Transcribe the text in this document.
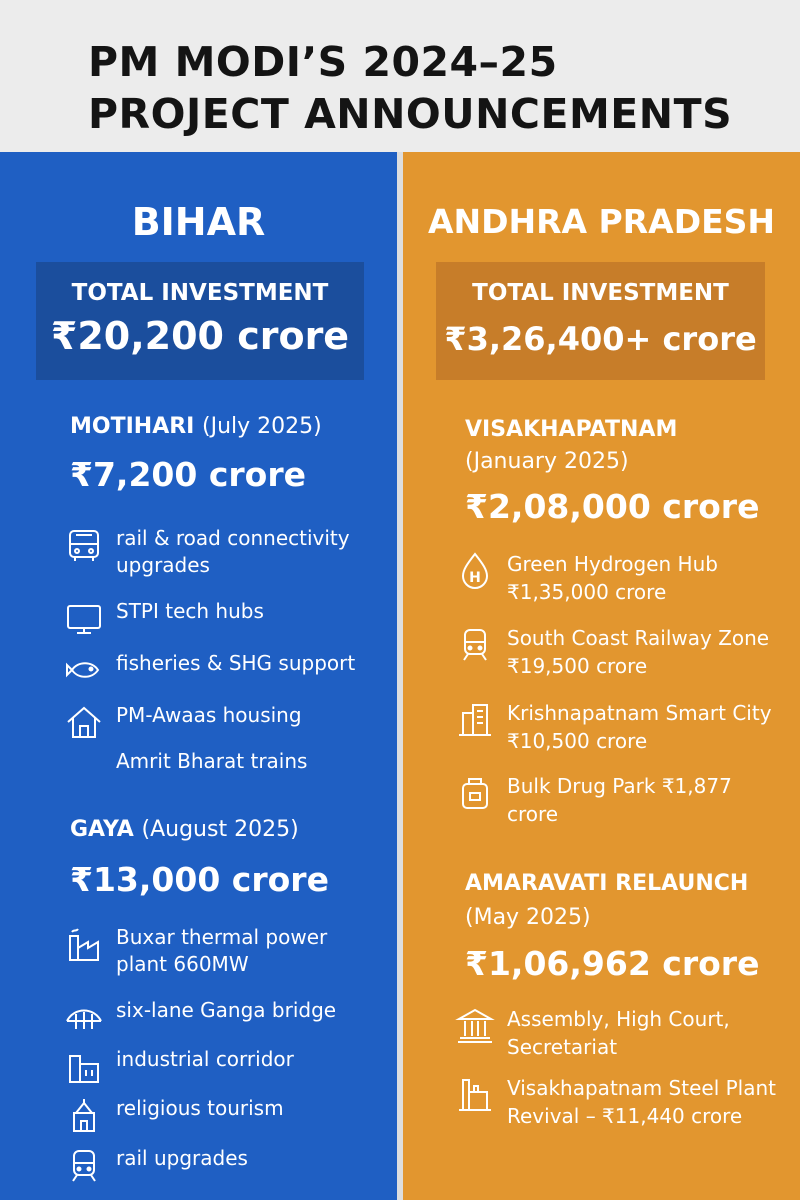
PM MODI’S 2024–25
PROJECT ANNOUNCEMENTS
BIHAR
TOTAL INVESTMENT
₹20,200 crore
MOTIHARI (July 2025)
₹7,200 crore
rail & road connectivity upgrades
STPI tech hubs
fisheries & SHG support
PM-Awaas housing
Amrit Bharat trains
GAYA (August 2025)
₹13,000 crore
Buxar thermal power plant 660MW
six-lane Ganga bridge
industrial corridor
religious tourism
rail upgrades
ANDHRA PRADESH
TOTAL INVESTMENT
₹3,26,400+ crore
VISAKHAPATNAM
(January 2025)
₹2,08,000 crore
H
Green Hydrogen Hub ₹1,35,000 crore
South Coast Railway Zone ₹19,500 crore
Krishnapatnam Smart City ₹10,500 crore
Bulk Drug Park ₹1,877 crore
AMARAVATI RELAUNCH
(May 2025)
₹1,06,962 crore
Assembly, High Court, Secretariat
Visakhapatnam Steel Plant Revival – ₹11,440 crore
